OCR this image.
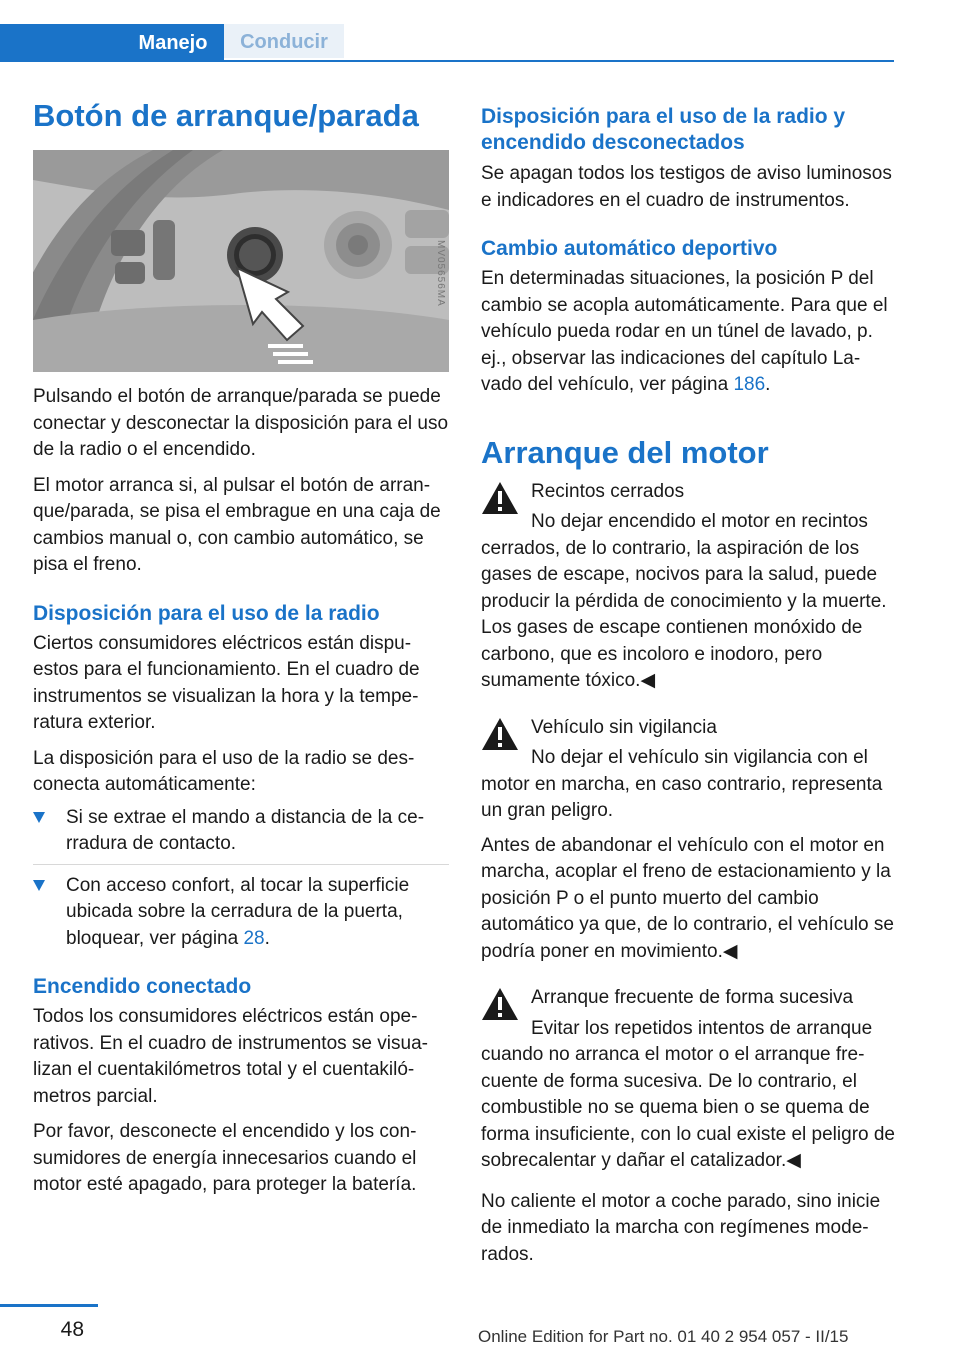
Manejo	Conducir
Botón de arranque/parada
MV05656MA

Pulsando el botón de arranque/parada se puede conectar y desconectar la disposición para el uso de la radio o el encendido.

El motor arranca si, al pulsar el botón de arranque/parada, se pisa el embrague en una caja de cambios manual o, con cambio automático, se pisa el freno.

Disposición para el uso de la radio

Ciertos consumidores eléctricos están dispuestos para el funcionamiento. En el cuadro de instrumentos se visualizan la hora y la temperatura exterior.

La disposición para el uso de la radio se desconecta automáticamente:

Si se extrae el mando a distancia de la cerradura de contacto.
Con acceso confort, al tocar la superficie ubicada sobre la cerradura de la puerta, bloquear, ver página 28.
Encendido conectado

Todos los consumidores eléctricos están operativos. En el cuadro de instrumentos se visualizan el cuentakilómetros total y el cuentakilómetros parcial.

Por favor, desconecte el encendido y los consumidores de energía innecesarios cuando el motor esté apagado, para proteger la batería.

Disposición para el uso de la radio y encendido desconectados

Se apagan todos los testigos de aviso luminosos e indicadores en el cuadro de instrumentos.

Cambio automático deportivo

En determinadas situaciones, la posición P del cambio se acopla automáticamente. Para que el vehículo pueda rodar en un túnel de lavado, p. ej., observar las indicaciones del capítulo Lavado del vehículo, ver página 186.

Arranque del motor

Recintos cerrados

No dejar encendido el motor en recintos

cerrados, de lo contrario, la aspiración de los gases de escape, nocivos para la salud, puede producir la pérdida de conocimiento y la muerte. Los gases de escape contienen monóxido de carbono, que es incoloro e inodoro, pero sumamente tóxico.◀

Vehículo sin vigilancia

No dejar el vehículo sin vigilancia con el

motor en marcha, en caso contrario, representa un gran peligro.

Antes de abandonar el vehículo con el motor en marcha, acoplar el freno de estacionamiento y la posición P o el punto muerto del cambio automático ya que, de lo contrario, el vehículo se podría poner en movimiento.◀

Arranque frecuente de forma sucesiva

Evitar los repetidos intentos de arranque

cuando no arranca el motor o el arranque frecuente de forma sucesiva. De lo contrario, el combustible no se quema bien o se quema de forma insuficiente, con lo cual existe el peligro de sobrecalentar y dañar el catalizador.◀

No caliente el motor a coche parado, sino inicie de inmediato la marcha con regímenes moderados.

48	Online Edition for Part no. 01 40 2 954 057 - II/15
